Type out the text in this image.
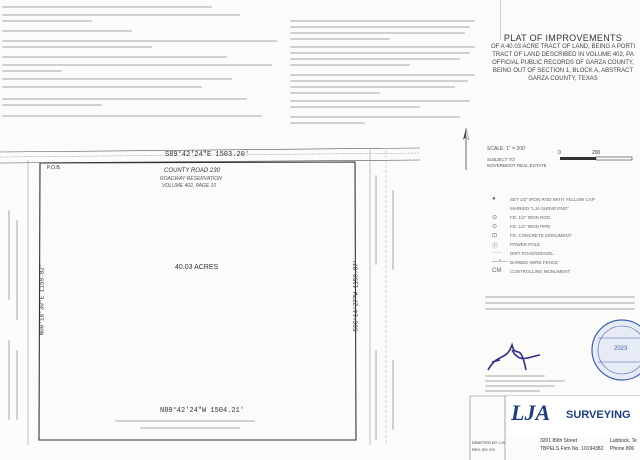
PLAT OF IMPROVEMENTS
OF A 40.03 ACRE TRACT OF LAND, BEING A PORTI
TRACT OF LAND DESCRIBED IN VOLUME 402, PA
OFFICIAL PUBLIC RECORDS OF GARZA COUNTY,
BEING OUT OF SECTION 1, BLOCK A, ABSTRACT
GARZA COUNTY, TEXAS
P.O.B.
S89°42'24"E 1503.20'
COUNTY ROAD 230
ROADWAY RESERVATION
VOLUME 402, PAGE 10
40.03 ACRES
N89°42'24"W 1504.21'
N00°18'30"E 1159.82'	S00°14'27"W 1159.87'
SCALE: 1" = 200'
0	200
SUBJECT TO
NOVERBOOT REAL ESTATE
●	SET 1/2" IRON ROD WITH YELLOW CAP
MARKED "LJA SURVEYING"
⊙	FD. 1/2" IRON ROD
⊙	FD. 1/2" IRON PIPE
⊡	FD. CONCRETE MONUMENT
Ⓟ	POWER POLE
····· DIRT ROAD/GRAVEL
—×— BARBED WIRE FENCE
CM CONTROLLING MONUMENT
2023
DRAFTED BY: LG
REV. BY: KS
LJA SURVEYING
3201 89th Street
TBPELS Firm No. 10194382
Lubbock, Te
Phone 806
